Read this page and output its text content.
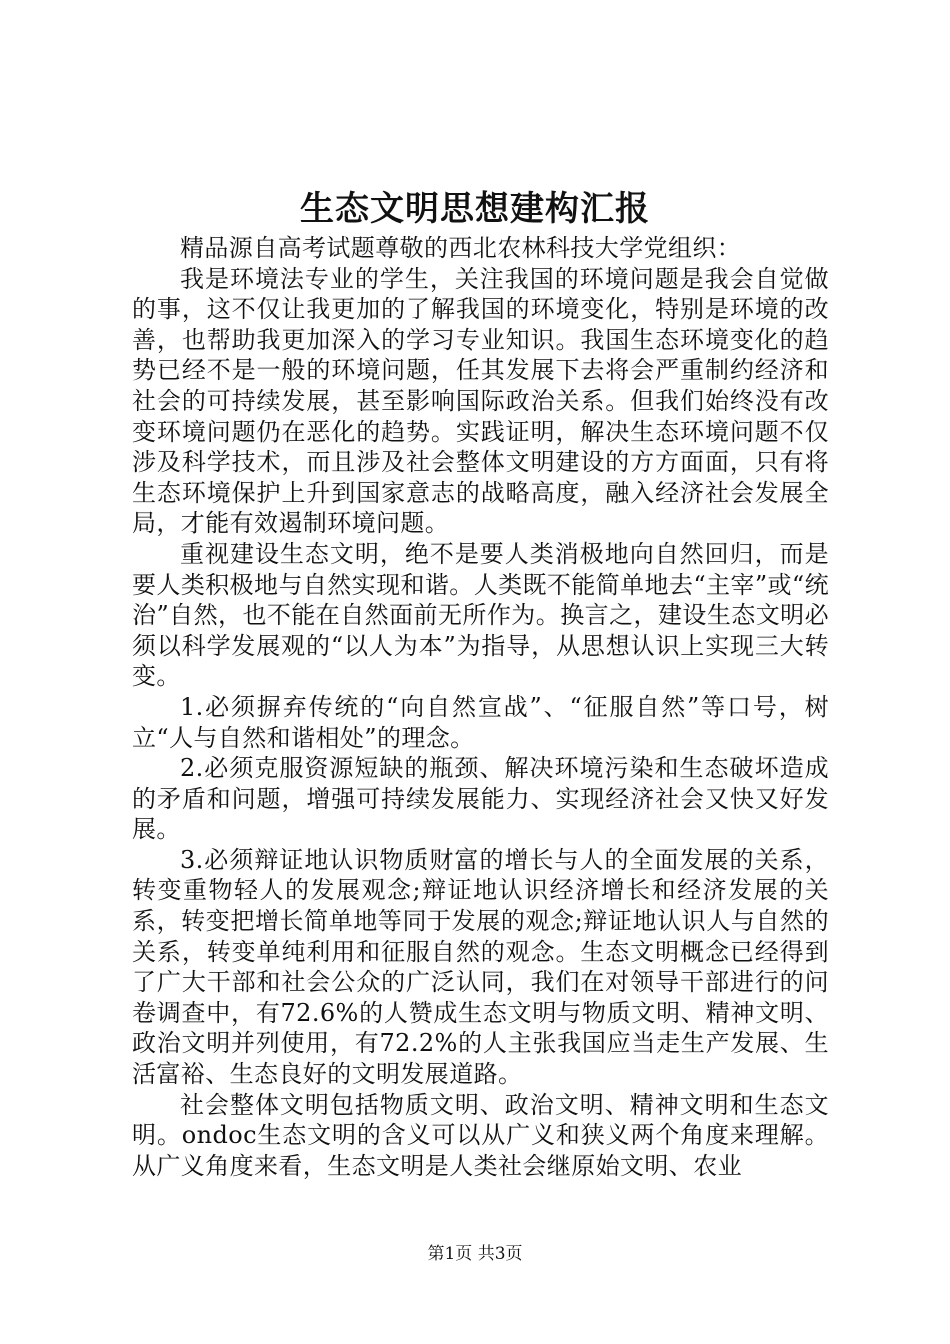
生态文明思想建构汇报

精品源自高考试题尊敬的西北农林科技大学党组织：

我是环境法专业的学生，关注我国的环境问题是我会自觉做的事，这不仅让我更加的了解我国的环境变化，特别是环境的改善，也帮助我更加深入的学习专业知识。我国生态环境变化的趋势已经不是一般的环境问题，任其发展下去将会严重制约经济和社会的可持续发展，甚至影响国际政治关系。但我们始终没有改变环境问题仍在恶化的趋势。实践证明，解决生态环境问题不仅涉及科学技术，而且涉及社会整体文明建设的方方面面，只有将生态环境保护上升到国家意志的战略高度，融入经济社会发展全局，才能有效遏制环境问题。

重视建设生态文明，绝不是要人类消极地向自然回归，而是要人类积极地与自然实现和谐。人类既不能简单地去“主宰”或“统治”自然，也不能在自然面前无所作为。换言之，建设生态文明必须以科学发展观的“以人为本”为指导，从思想认识上实现三大转变。

1.必须摒弃传统的“向自然宣战”、“征服自然”等口号，树立“人与自然和谐相处”的理念。

2.必须克服资源短缺的瓶颈、解决环境污染和生态破坏造成的矛盾和问题，增强可持续发展能力、实现经济社会又快又好发展。

3.必须辩证地认识物质财富的增长与人的全面发展的关系，转变重物轻人的发展观念;辩证地认识经济增长和经济发展的关系，转变把增长简单地等同于发展的观念;辩证地认识人与自然的关系，转变单纯利用和征服自然的观念。生态文明概念已经得到了广大干部和社会公众的广泛认同，我们在对领导干部进行的问卷调查中，有72.6%的人赞成生态文明与物质文明、精神文明、政治文明并列使用，有72.2%的人主张我国应当走生产发展、生活富裕、生态良好的文明发展道路。

社会整体文明包括物质文明、政治文明、精神文明和生态文明。ondoc生态文明的含义可以从广义和狭义两个角度来理解。从广义角度来看，生态文明是人类社会继原始文明、农业

第1页 共3页
